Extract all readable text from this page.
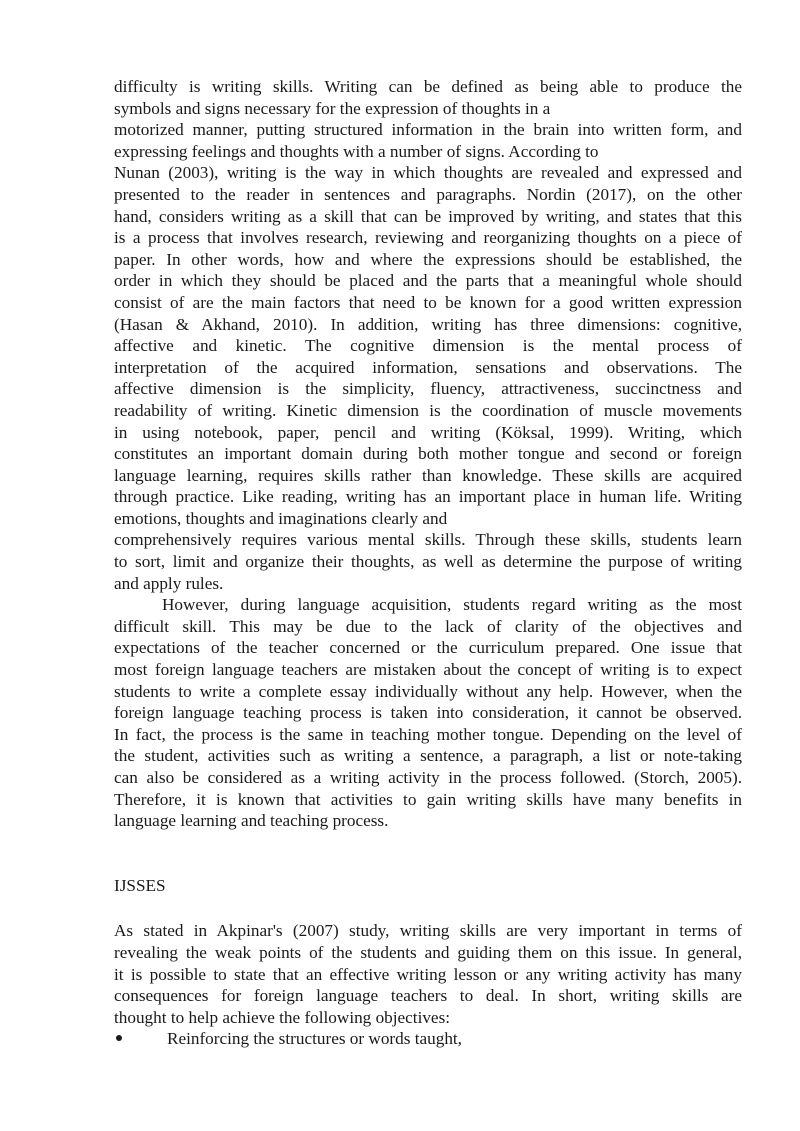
difficulty is writing skills. Writing can be defined as being able to produce the
symbols and signs necessary for the expression of thoughts in a
motorized manner, putting structured information in the brain into written form, and
expressing feelings and thoughts with a number of signs. According to
Nunan (2003), writing is the way in which thoughts are revealed and expressed and
presented to the reader in sentences and paragraphs. Nordin (2017), on the other
hand, considers writing as a skill that can be improved by writing, and states that this
is a process that involves research, reviewing and reorganizing thoughts on a piece of
paper. In other words, how and where the expressions should be established, the
order in which they should be placed and the parts that a meaningful whole should
consist of are the main factors that need to be known for a good written expression
(Hasan & Akhand, 2010). In addition, writing has three dimensions: cognitive,
affective and kinetic. The cognitive dimension is the mental process of
interpretation of the acquired information, sensations and observations. The
affective dimension is the simplicity, fluency, attractiveness, succinctness and
readability of writing. Kinetic dimension is the coordination of muscle movements
in using notebook, paper, pencil and writing (Köksal, 1999). Writing, which
constitutes an important domain during both mother tongue and second or foreign
language learning, requires skills rather than knowledge. These skills are acquired
through practice. Like reading, writing has an important place in human life. Writing
emotions, thoughts and imaginations clearly and
comprehensively requires various mental skills. Through these skills, students learn
to sort, limit and organize their thoughts, as well as determine the purpose of writing
and apply rules.
However, during language acquisition, students regard writing as the most
difficult skill. This may be due to the lack of clarity of the objectives and
expectations of the teacher concerned or the curriculum prepared. One issue that
most foreign language teachers are mistaken about the concept of writing is to expect
students to write a complete essay individually without any help. However, when the
foreign language teaching process is taken into consideration, it cannot be observed.
In fact, the process is the same in teaching mother tongue. Depending on the level of
the student, activities such as writing a sentence, a paragraph, a list or note-taking
can also be considered as a writing activity in the process followed. (Storch, 2005).
Therefore, it is known that activities to gain writing skills have many benefits in
language learning and teaching process.
IJSSES
As stated in Akpinar's (2007) study, writing skills are very important in terms of
revealing the weak points of the students and guiding them on this issue. In general,
it is possible to state that an effective writing lesson or any writing activity has many
consequences for foreign language teachers to deal. In short, writing skills are
thought to help achieve the following objectives:
Reinforcing the structures or words taught,
